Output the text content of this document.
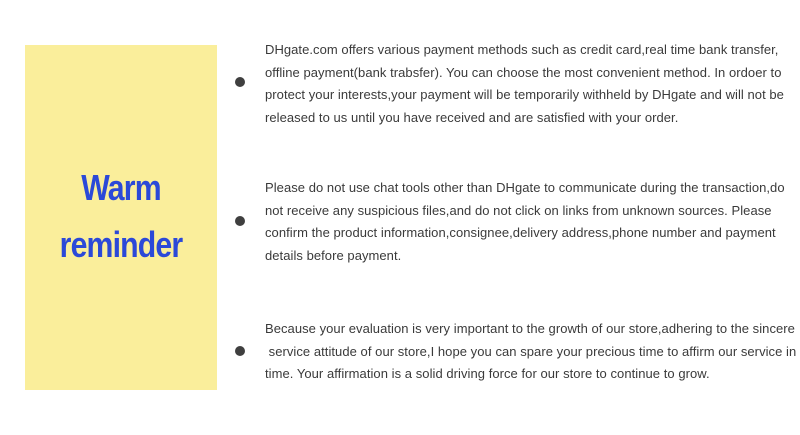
Warm
reminder
DHgate.com offers various payment methods such as credit card,real time bank transfer,
offline payment(bank trabsfer). You can choose the most convenient method. In ordoer to
protect your interests,your payment will be temporarily withheld by DHgate and will not be
released to us until you have received and are satisfied with your order.
Please do not use chat tools other than DHgate to communicate during the transaction,do
not receive any suspicious files,and do not click on links from unknown sources. Please
confirm the product information,consignee,delivery address,phone number and payment
details before payment.
Because your evaluation is very important to the growth of our store,adhering to the sincere
service attitude of our store,I hope you can spare your precious time to affirm our service in
time. Your affirmation is a solid driving force for our store to continue to grow.
